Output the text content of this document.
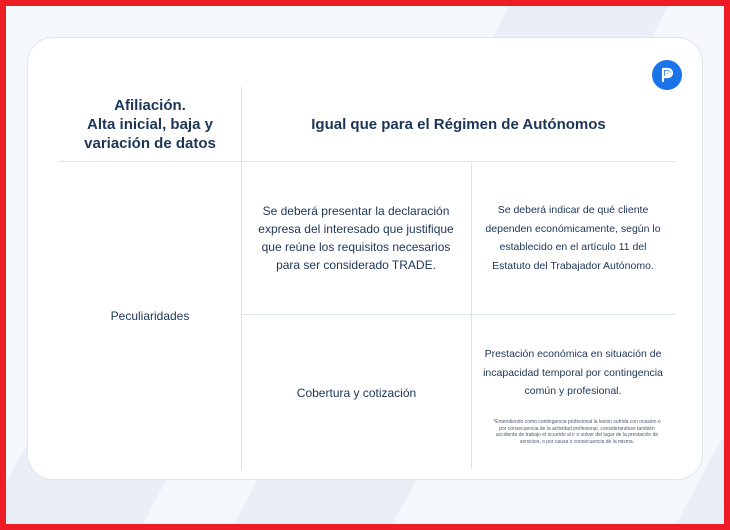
Afiliación.
Alta inicial, baja y
variación de datos
Igual que para el Régimen de Autónomos
Peculiaridades
Se deberá presentar la declaración expresa del interesado que justifique que reúne los requisitos necesarios para ser considerado TRADE.
Se deberá indicar de qué cliente dependen económicamente, según lo establecido en el artículo 11 del Estatuto del Trabajador Autónomo.
Cobertura y cotización
Prestación económica en situación de incapacidad temporal por contingencia común y profesional.
*Entendiendo como contingencia profesional la lesión sufrida con ocasión o por consecuencia de la actividad profesional, considerándose también accidente de trabajo el ocurrido al ir o volver del lugar de la prestación de servicios, o por causa o consecuencia de la misma.
